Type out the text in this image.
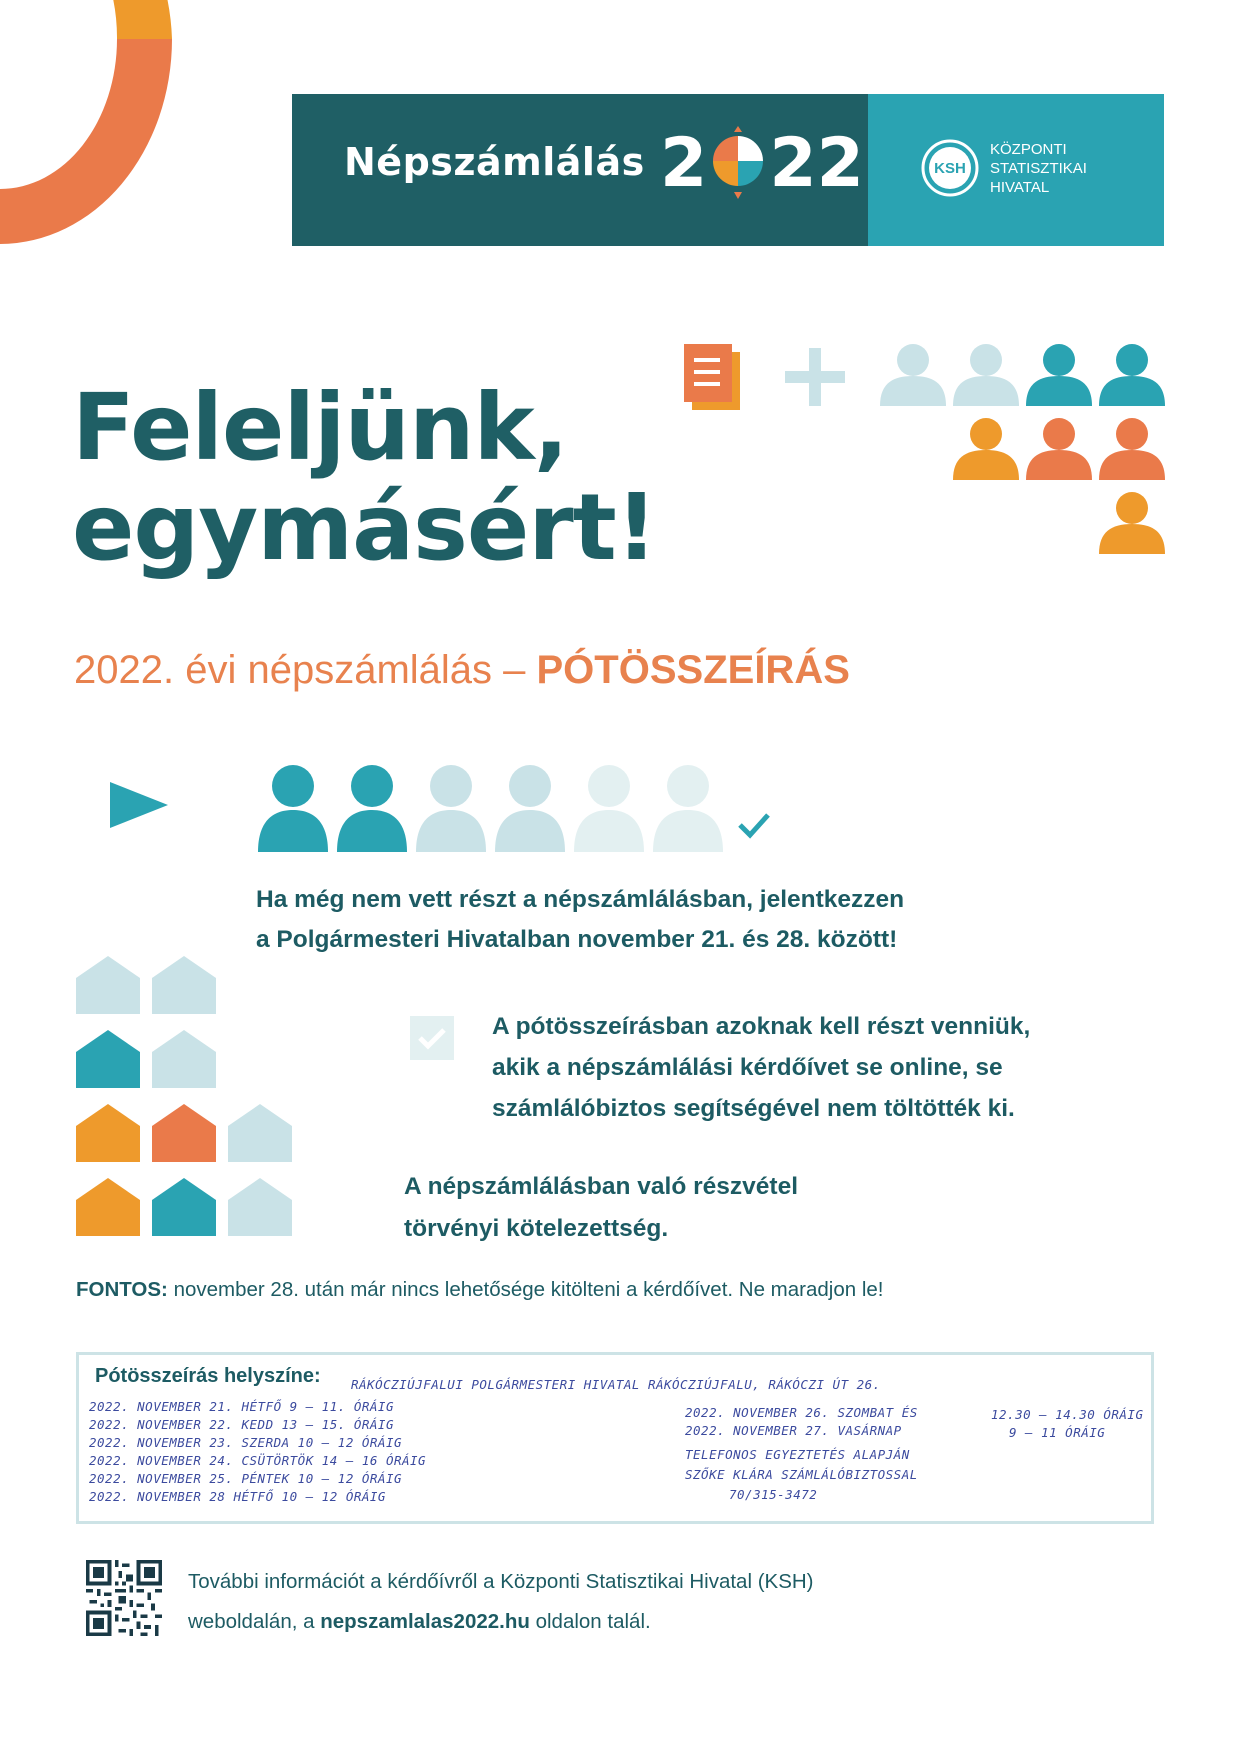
Népszámlálás 2 22	KSH
KÖZPONTI
STATISZTIKAI
HIVATAL
Feleljünk,
egymásért!
2022. évi népszámlálás – PÓTÖSSZEÍRÁS
Ha még nem vett részt a népszámlálásban, jelentkezzen
a Polgármesteri Hivatalban november 21. és 28. között!
A pótösszeírásban azoknak kell részt venniük,
akik a népszámlálási kérdőívet se online, se
számlálóbiztos segítségével nem töltötték ki.
A népszámlálásban való részvétel
törvényi kötelezettség.
FONTOS: november 28. után már nincs lehetősége kitölteni a kérdőívet. Ne maradjon le!
Pótösszeírás helyszíne: RÁKÓCZIÚJFALUI POLGÁRMESTERI HIVATAL RÁKÓCZIÚJFALU, RÁKÓCZI ÚT 26.
2022. NOVEMBER 21. HÉTFŐ 9 – 11. ÓRÁIG
2022. NOVEMBER 22. KEDD 13 – 15. ÓRÁIG
2022. NOVEMBER 23. SZERDA 10 – 12 ÓRÁIG
2022. NOVEMBER 24. CSÜTÖRTÖK 14 – 16 ÓRÁIG
2022. NOVEMBER 25. PÉNTEK 10 – 12 ÓRÁIG
2022. NOVEMBER 28 HÉTFŐ 10 – 12 ÓRÁIG
2022. NOVEMBER 26. SZOMBAT ÉS
2022. NOVEMBER 27. VASÁRNAP
12.30 – 14.30 ÓRÁIG
9 – 11 ÓRÁIG
TELEFONOS EGYEZTETÉS ALAPJÁN
SZŐKE KLÁRA SZÁMLÁLÓBIZTOSSAL
70/315-3472
További információt a kérdőívről a Központi Statisztikai Hivatal (KSH)
weboldalán, a nepszamlalas2022.hu oldalon talál.
